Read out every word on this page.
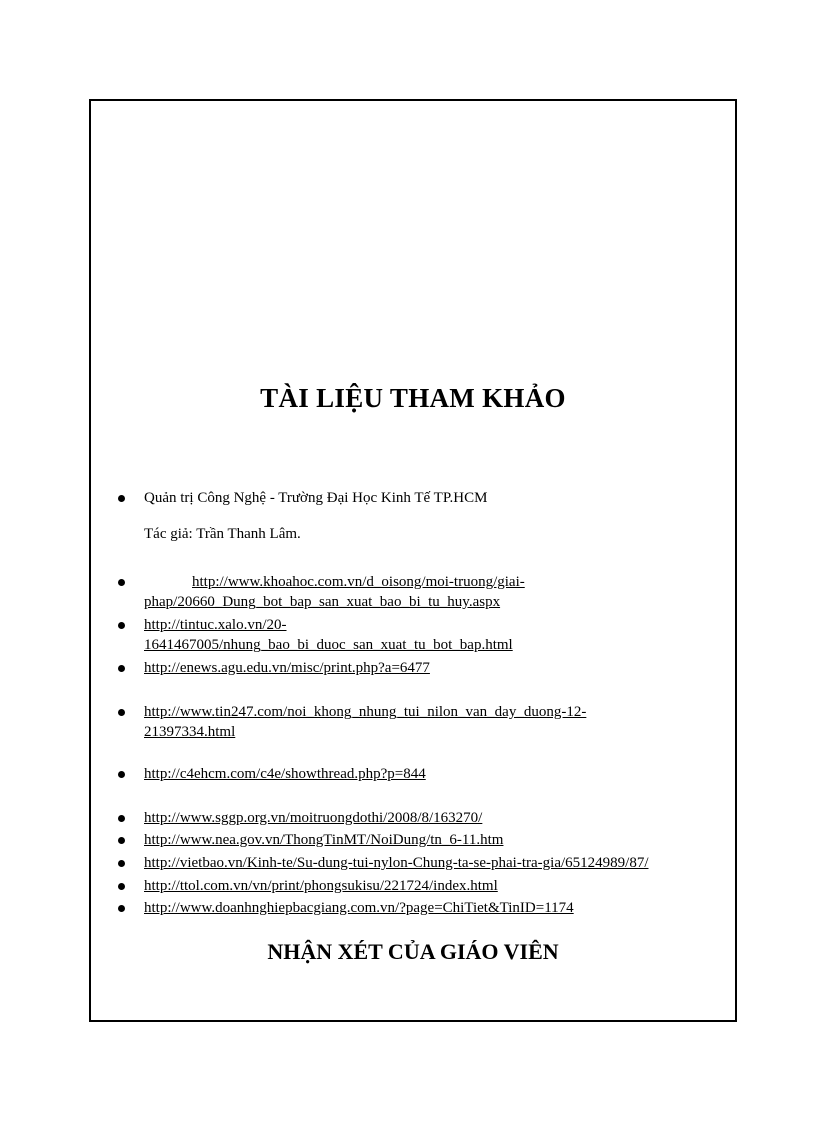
TÀI LIỆU THAM KHẢO
Quản trị Công Nghệ - Trường Đại Học Kinh Tế TP.HCM
Tác giả: Trần Thanh Lâm.
http://www.khoahoc.com.vn/d_oisong/moi-truong/giai-
phap/20660_Dung_bot_bap_san_xuat_bao_bi_tu_huy.aspx
http://tintuc.xalo.vn/20-
1641467005/nhung_bao_bi_duoc_san_xuat_tu_bot_bap.html
http://enews.agu.edu.vn/misc/print.php?a=6477
http://www.tin247.com/noi_khong_nhung_tui_nilon_van_day_duong-12-
21397334.html
http://c4ehcm.com/c4e/showthread.php?p=844
http://www.sggp.org.vn/moitruongdothi/2008/8/163270/
http://www.nea.gov.vn/ThongTinMT/NoiDung/tn_6-11.htm
http://vietbao.vn/Kinh-te/Su-dung-tui-nylon-Chung-ta-se-phai-tra-gia/65124989/87/
http://ttol.com.vn/vn/print/phongsukisu/221724/index.html
http://www.doanhnghiepbacgiang.com.vn/?page=ChiTiet&TinID=1174
NHẬN XÉT CỦA GIÁO VIÊN
